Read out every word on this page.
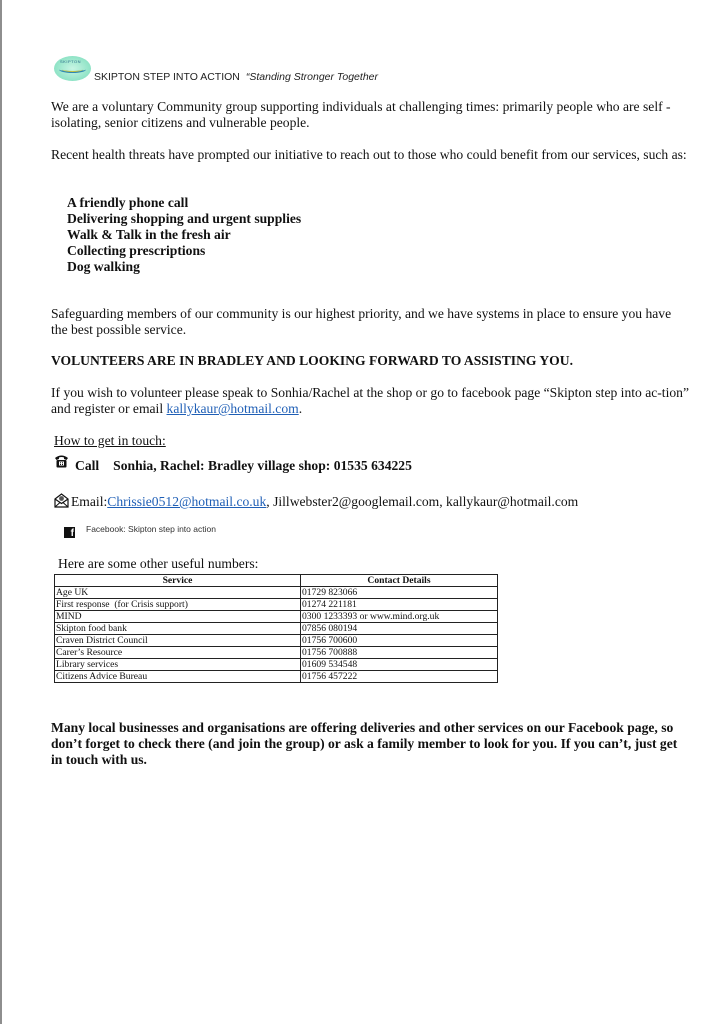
SKIPTON
SKIPTON STEP INTO ACTION “Standing Stronger Together

We are a voluntary Community group supporting individuals at challenging times: primarily people who are self -isolating, senior citizens and vulnerable people.

Recent health threats have prompted our initiative to reach out to those who could benefit from our services, such as:

A friendly phone call
Delivering shopping and urgent supplies
Walk & Talk in the fresh air
Collecting prescriptions
Dog walking

Safeguarding members of our community is our highest priority, and we have systems in place to ensure you have the best possible service.

VOLUNTEERS ARE IN BRADLEY AND LOOKING FORWARD TO ASSISTING YOU.

If you wish to volunteer please speak to Sonhia/Rachel at the shop or go to facebook page “Skipton step into ac-tion” and register or email kallykaur@hotmail.com.

How to get in touch:
Call Sonhia, Rachel: Bradley village shop: 01535 634225
Email: Chrissie0512@hotmail.co.uk , Jillwebster2@googlemail.com, kallykaur@hotmail.com
f Facebook: Skipton step into action
Here are some other useful numbers:
Service	Contact Details
Age UK	01729 823066
First response  (for Crisis support)	01274 221181
MIND	0300 1233393 or www.mind.org.uk
Skipton food bank	07856 080194
Craven District Council	01756 700600
Carer’s Resource	01756 700888
Library services	01609 534548
Citizens Advice Bureau	01756 457222

Many local businesses and organisations are offering deliveries and other services on our Facebook page, so don’t forget to check there (and join the group) or ask a family member to look for you. If you can’t, just get in touch with us.
